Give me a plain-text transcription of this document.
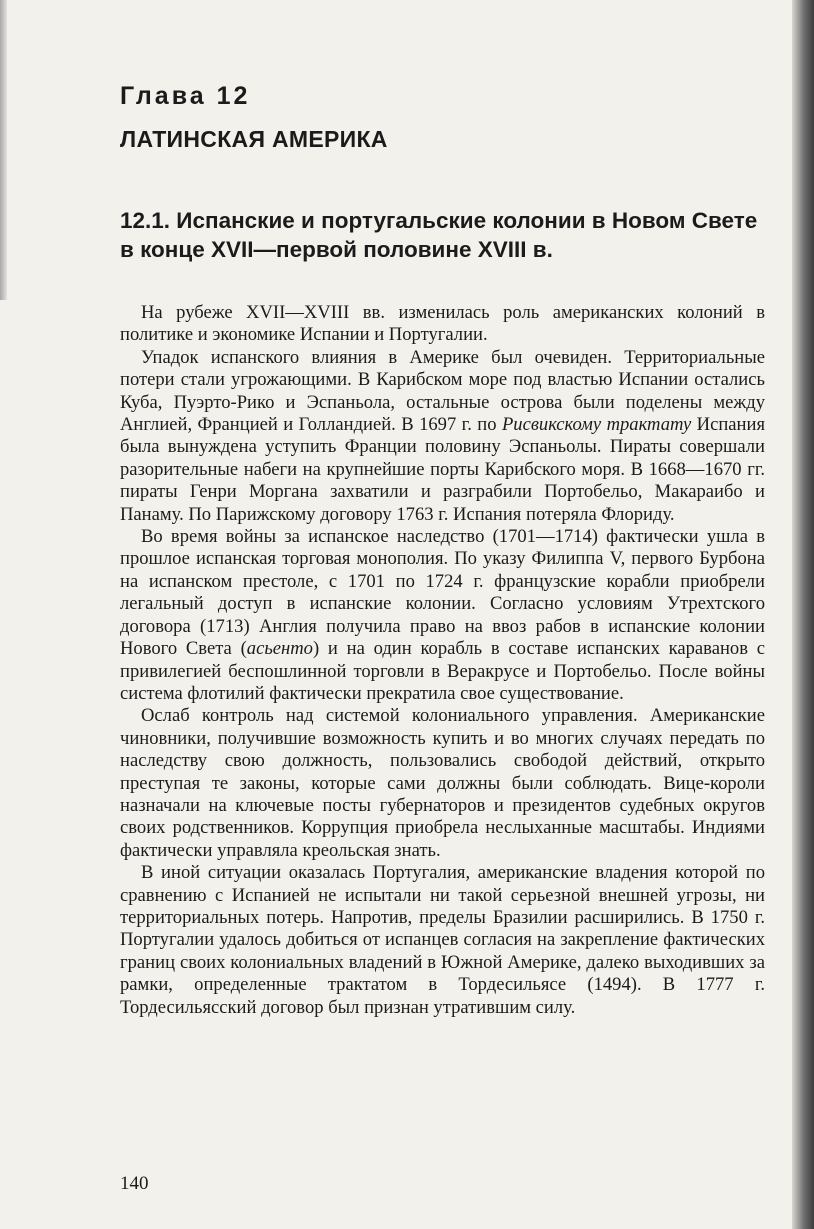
Глава 12
ЛАТИНСКАЯ АМЕРИКА
12.1. Испанские и португальские колонии в Новом Свете в конце XVII—первой половине XVIII в.

На рубеже XVII—XVIII вв. изменилась роль американских колоний в политике и экономике Испании и Португалии.

Упадок испанского влияния в Америке был очевиден. Территориальные потери стали угрожающими. В Карибском море под властью Испании остались Куба, Пуэрто-Рико и Эспаньола, остальные острова были поделены между Англией, Францией и Голландией. В 1697 г. по Рисвикскому трактату Испания была вынуждена уступить Франции половину Эспаньолы. Пираты совершали разорительные набеги на крупнейшие порты Карибского моря. В 1668—1670 гг. пираты Генри Моргана захватили и разграбили Портобельо, Макараибо и Панаму. По Парижскому договору 1763 г. Испания потеряла Флориду.

Во время войны за испанское наследство (1701—1714) фактически ушла в прошлое испанская торговая монополия. По указу Филиппа V, первого Бурбона на испанском престоле, с 1701 по 1724 г. французские корабли приобрели легальный доступ в испанские колонии. Согласно условиям Утрехтского договора (1713) Англия получила право на ввоз рабов в испанские колонии Нового Света (асьенто) и на один корабль в составе испанских караванов с привилегией беспошлинной торговли в Веракрусе и Портобельо. После войны система флотилий фактически прекратила свое существование.

Ослаб контроль над системой колониального управления. Американские чиновники, получившие возможность купить и во многих случаях передать по наследству свою должность, пользовались свободой действий, открыто преступая те законы, которые сами должны были соблюдать. Вице-короли назначали на ключевые посты губернаторов и президентов судебных округов своих родственников. Коррупция приобрела неслыханные масштабы. Индиями фактически управляла креольская знать.

В иной ситуации оказалась Португалия, американские владения которой по сравнению с Испанией не испытали ни такой серьезной внешней угрозы, ни территориальных потерь. Напротив, пределы Бразилии расширились. В 1750 г. Португалии удалось добиться от испанцев согласия на закрепление фактических границ своих колониальных владений в Южной Америке, далеко выходивших за рамки, определенные трактатом в Тордесильясе (1494). В 1777 г. Тордесильясский договор был признан утратившим силу.

140
